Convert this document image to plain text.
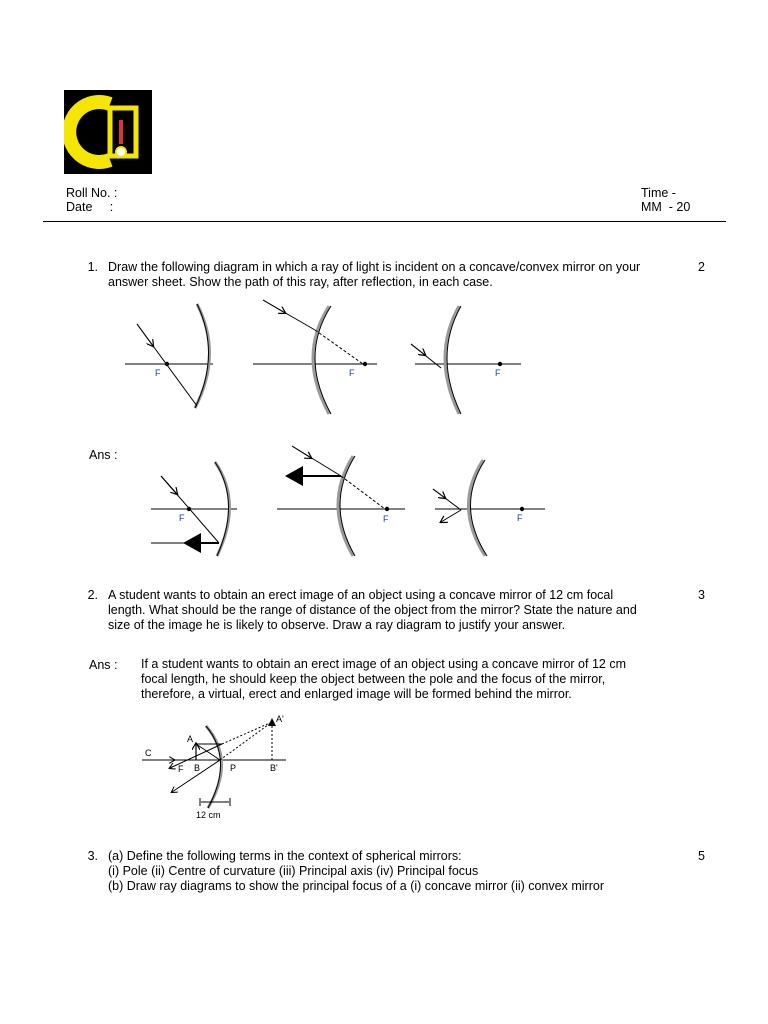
Roll No. :
Date     :
Time -
MM  - 20
1. Draw the following diagram in which a ray of light is incident on a concave/convex mirror on your
answer sheet. Show the path of this ray, after reflection, in each case.
2
F	F	F
Ans :
F	F	F
2. A student wants to obtain an erect image of an object using a concave mirror of 12 cm focal
length. What should be the range of distance of the object from the mirror? State the nature and
size of the image he is likely to observe. Draw a ray diagram to justify your answer.
3
Ans : If a student wants to obtain an erect image of an object using a concave mirror of 12 cm
focal length, he should keep the object between the pole and the focus of the mirror,
therefore, a virtual, erect and enlarged image will be formed behind the mirror.
A'
A
C
F B	P	B'
12 cm
3. (a) Define the following terms in the context of spherical mirrors:
(i) Pole (ii) Centre of curvature (iii) Principal axis (iv) Principal focus
(b) Draw ray diagrams to show the principal focus of a (i) concave mirror (ii) convex mirror
5
